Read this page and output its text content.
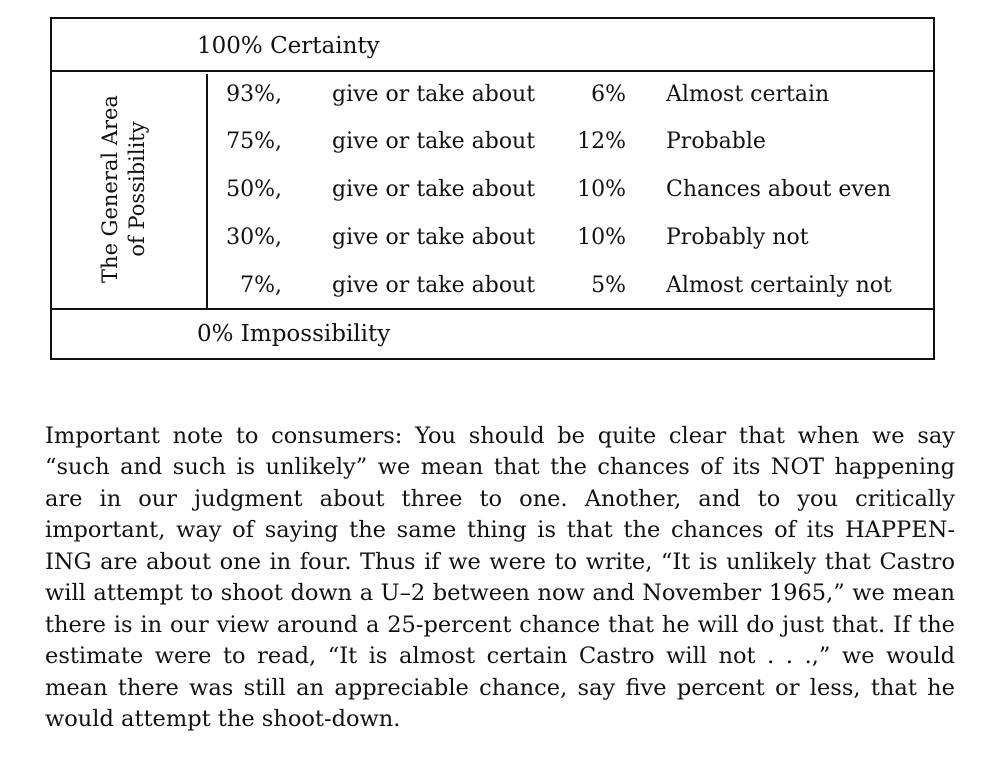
100% Certainty
The General Area of Possibility
93%, give or take about	6% Almost certain
75%, give or take about	12% Probable
50%, give or take about	10% Chances about even
30%, give or take about	10% Probably not
7%, give or take about	5% Almost certainly not
0% Impossibility

Important note to consumers: You should be quite clear that when we say “such and such is unlikely” we mean that the chances of its NOT happening are in our judgment about three to one. Another, and to you critically important, way of saying the same thing is that the chances of its HAPPEN-ING are about one in four. Thus if we were to write, “It is unlikely that Castro will attempt to shoot down a U–2 between now and November 1965,” we mean there is in our view around a 25-percent chance that he will do just that. If the estimate were to read, “It is almost certain Castro will not . . .,” we would mean there was still an appreciable chance, say five percent or less, that he would attempt the shoot-down.
